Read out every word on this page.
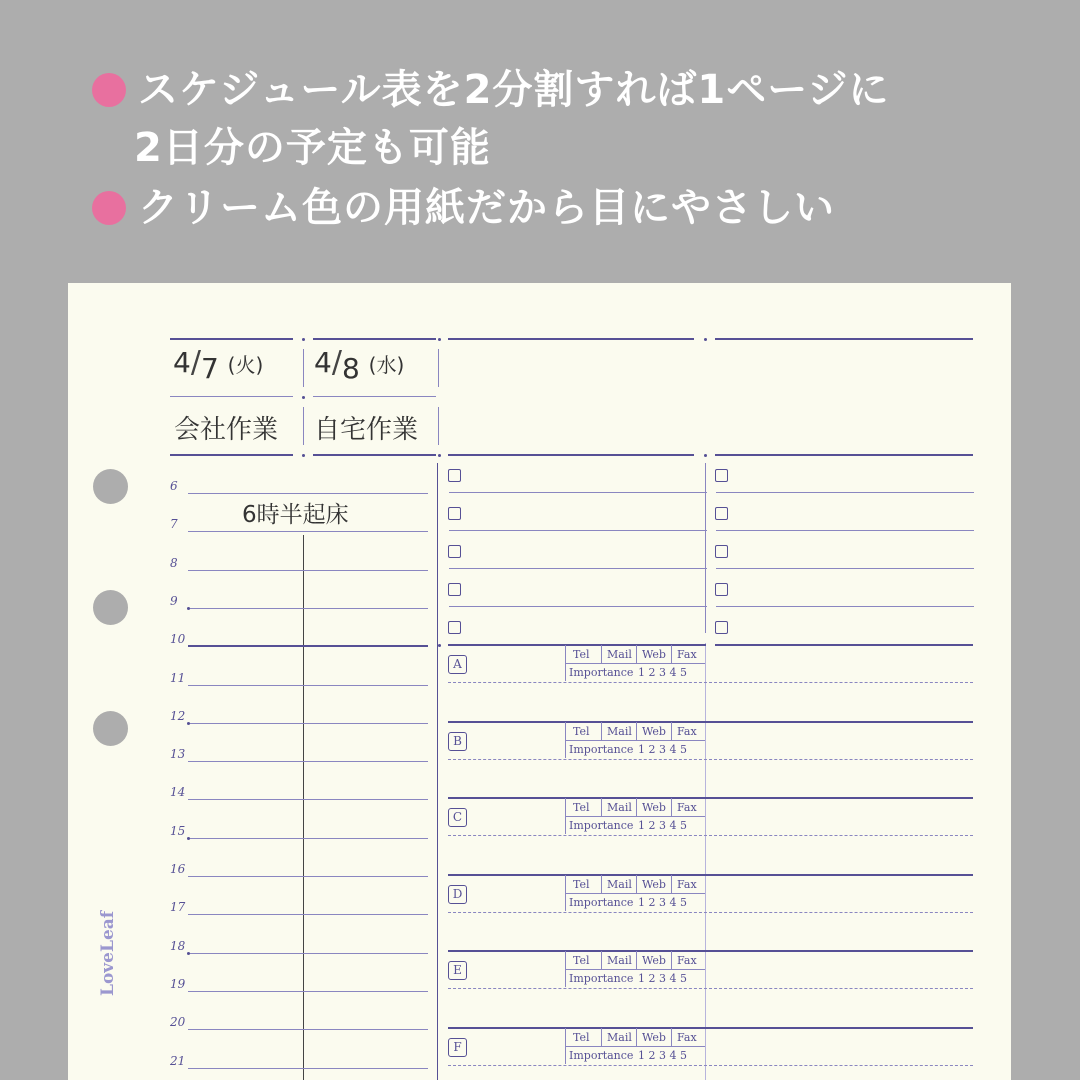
スケジュール表を2分割すれば1ページに
2日分の予定も可能
クリーム色の用紙だから目にやさしい
LoveLeaf
4/7 (火) 4/8 (水)
会社作業 自宅作業
6時半起床
6
7
8
9
10
11
12
13
14
15
16
17
18
19
20
21
A
Tel Mail Web Fax
Importance 1 2 3 4 5
B
Tel Mail Web Fax
Importance 1 2 3 4 5
C
Tel Mail Web Fax
Importance 1 2 3 4 5
D
Tel Mail Web Fax
Importance 1 2 3 4 5
E
Tel Mail Web Fax
Importance 1 2 3 4 5
F
Tel Mail Web Fax
Importance 1 2 3 4 5
